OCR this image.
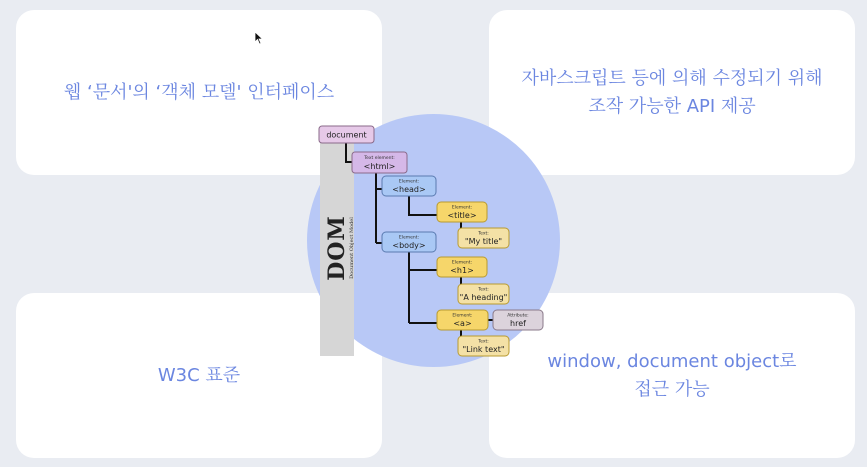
웹 ‘문서'의 ‘객체 모델' 인터페이스
자바스크립트 등에 의해 수정되기 위해
조작 가능한 API 제공
W3C 표준
window, document object로
접근 가능
DOM Document Object Model
document
Text element:
<html>
Element:
<head>
Element:
<title>
Text:
"My title"
Element:
<body>
Element:
<h1>
Text:
"A heading"
Element:
<a>
Attribute:
href
Text:
"Link text"
